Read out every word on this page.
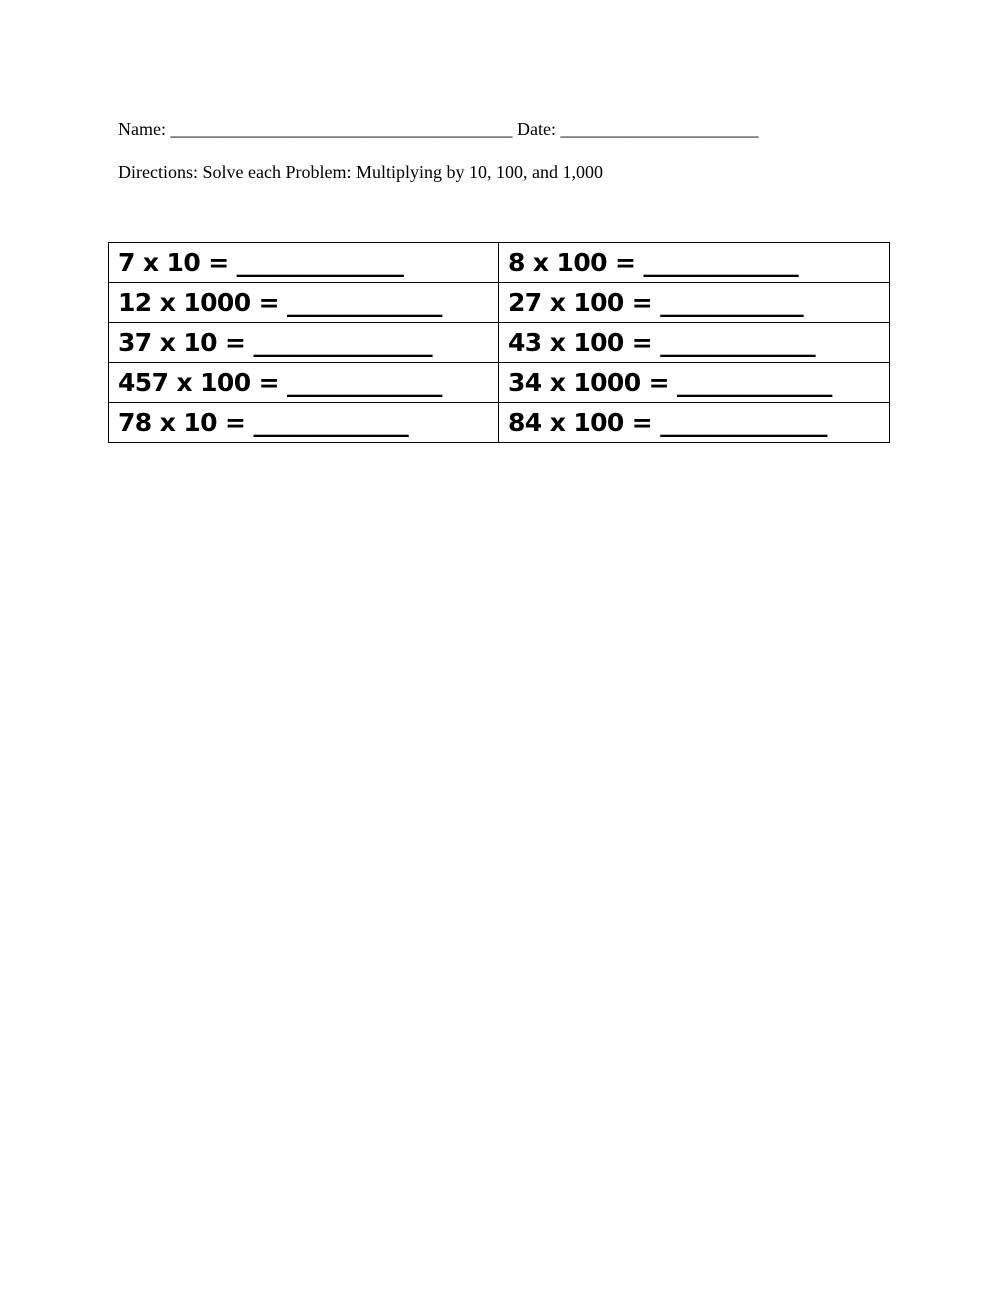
Name: ______________________________________ Date: ______________________
Directions: Solve each Problem: Multiplying by 10, 100, and 1,000
7 x 10 = ______________	8 x 100 = _____________
12 x 1000 = _____________	27 x 100 = ____________
37 x 10 = _______________	43 x 100 = _____________
457 x 100 = _____________	34 x 1000 = _____________
78 x 10 = _____________	84 x 100 = ______________
